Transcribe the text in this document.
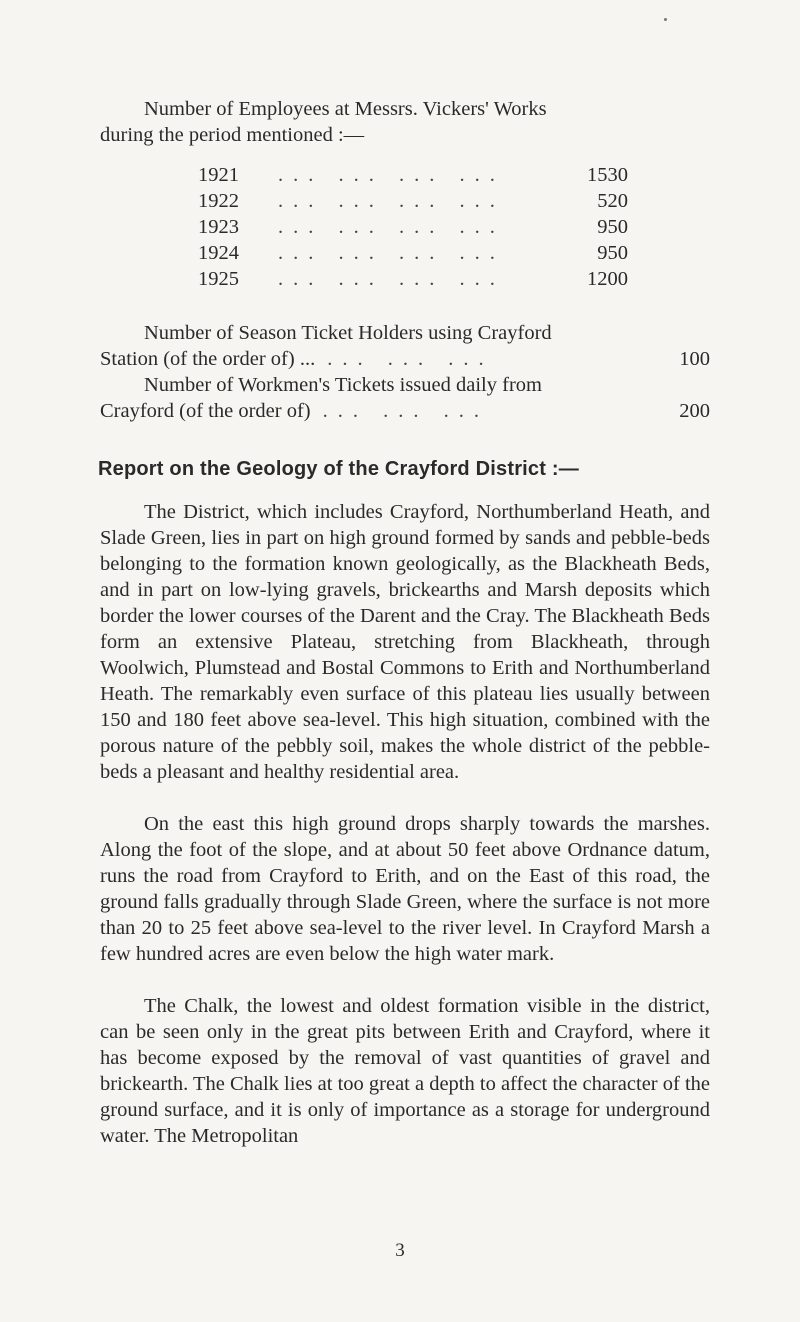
Number of Employees at Messrs. Vickers' Works

during the period mentioned :—

1921	... ... ... ...	1530
1922	... ... ... ...	520
1923	... ... ... ...	950
1924	... ... ... ...	950
1925	... ... ... ...	1200
Number of Season Ticket Holders using Crayford
Station (of the order of) ... ... ... ...	100
Number of Workmen's Tickets issued daily from
Crayford (of the order of) ... ... ...	200
Report on the Geology of the Crayford District :—

The District, which includes Crayford, Northumberland Heath, and Slade Green, lies in part on high ground formed by sands and pebble-beds belonging to the formation known geologically, as the Blackheath Beds, and in part on low-lying gravels, brickearths and Marsh deposits which border the lower courses of the Darent and the Cray. The Blackheath Beds form an extensive Plateau, stretching from Blackheath, through Woolwich, Plumstead and Bostal Commons to Erith and Northumberland Heath. The remarkably even surface of this plateau lies usually between 150 and 180 feet above sea-level. This high situation, combined with the porous nature of the pebbly soil, makes the whole district of the pebble-beds a pleasant and healthy residential area.

On the east this high ground drops sharply towards the marshes. Along the foot of the slope, and at about 50 feet above Ordnance datum, runs the road from Crayford to Erith, and on the East of this road, the ground falls gradually through Slade Green, where the surface is not more than 20 to 25 feet above sea-level to the river level. In Crayford Marsh a few hundred acres are even below the high water mark.

The Chalk, the lowest and oldest formation visible in the district, can be seen only in the great pits between Erith and Crayford, where it has become exposed by the removal of vast quantities of gravel and brickearth. The Chalk lies at too great a depth to affect the character of the ground surface, and it is only of importance as a storage for underground water. The Metropolitan

3
